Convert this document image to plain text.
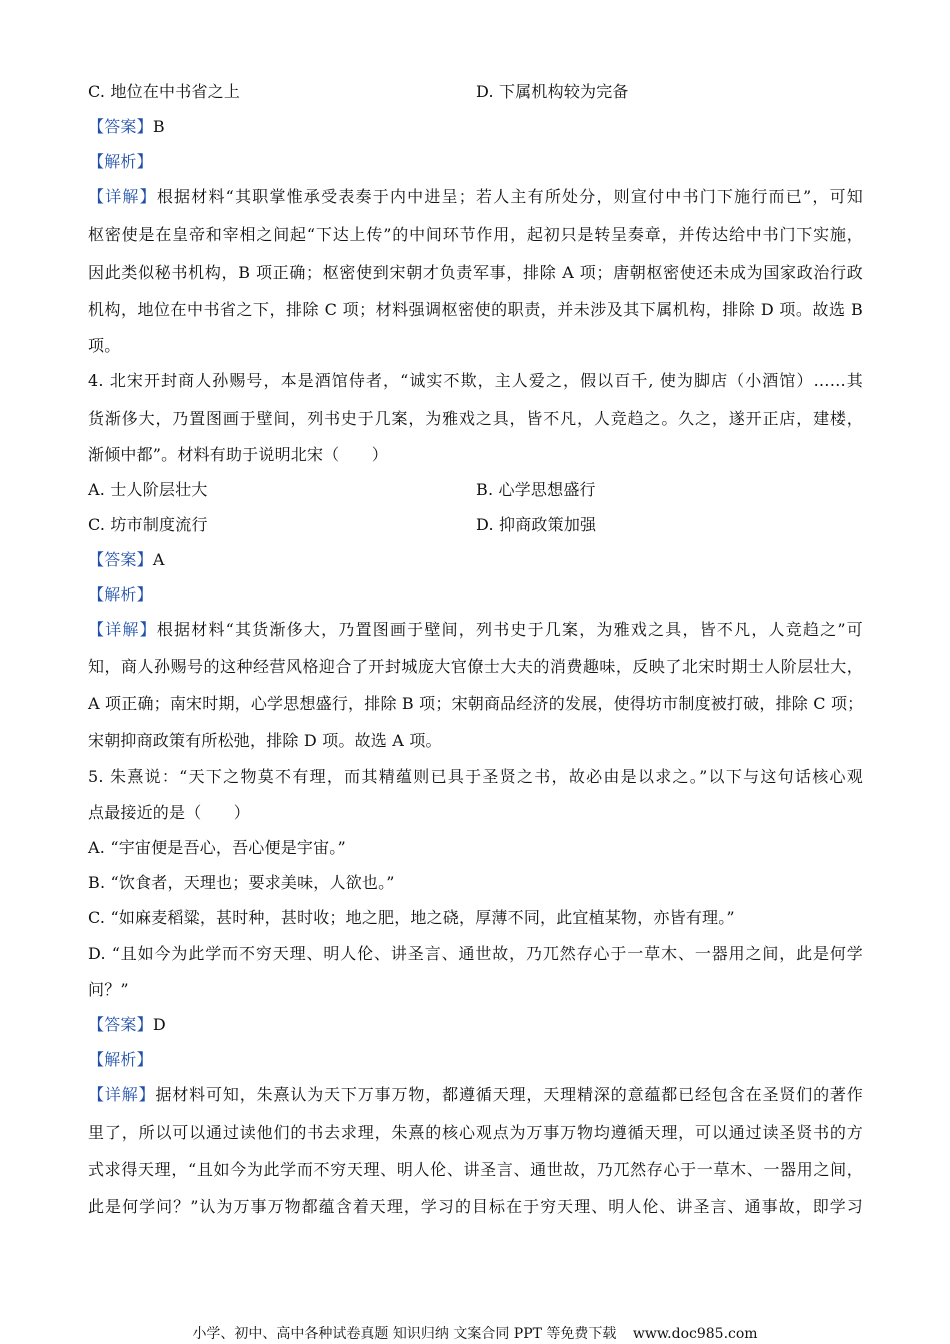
C. 地位在中书省之上	D. 下属机构较为完备
【答案】B
【解析】
【详解】根据材料“其职掌惟承受表奏于内中进呈；若人主有所处分，则宣付中书门下施行而已”，可知
枢密使是在皇帝和宰相之间起“下达上传”的中间环节作用，起初只是转呈奏章，并传达给中书门下实施，
因此类似秘书机构，B 项正确；枢密使到宋朝才负责军事，排除 A 项；唐朝枢密使还未成为国家政治行政
机构，地位在中书省之下，排除 C 项；材料强调枢密使的职责，并未涉及其下属机构，排除 D 项。故选 B
项。
4. 北宋开封商人孙赐号，本是酒馆侍者，“诚实不欺，主人爱之，假以百千, 使为脚店（小酒馆）……其
货渐侈大，乃置图画于壁间，列书史于几案，为雅戏之具，皆不凡，人竞趋之。久之，遂开正店，建楼，
渐倾中都”。材料有助于说明北宋（　　）
A. 士人阶层壮大	B. 心学思想盛行
C. 坊市制度流行	D. 抑商政策加强
【答案】A
【解析】
【详解】根据材料“其货渐侈大，乃置图画于壁间，列书史于几案，为雅戏之具，皆不凡，人竞趋之”可
知，商人孙赐号的这种经营风格迎合了开封城庞大官僚士大夫的消费趣味，反映了北宋时期士人阶层壮大，
A 项正确；南宋时期，心学思想盛行，排除 B 项；宋朝商品经济的发展，使得坊市制度被打破，排除 C 项；
宋朝抑商政策有所松弛，排除 D 项。故选 A 项。
5. 朱熹说：“天下之物莫不有理，而其精蕴则已具于圣贤之书，故必由是以求之。”以下与这句话核心观
点最接近的是（　　）
A. “宇宙便是吾心，吾心便是宇宙。”
B. “饮食者，天理也；要求美味，人欲也。”
C. “如麻麦稻粱，甚时种，甚时收；地之肥，地之硗，厚薄不同，此宜植某物，亦皆有理。”
D. “且如今为此学而不穷天理、明人伦、讲圣言、通世故，乃兀然存心于一草木、一器用之间，此是何学
问？”
【答案】D
【解析】
【详解】据材料可知，朱熹认为天下万事万物，都遵循天理，天理精深的意蕴都已经包含在圣贤们的著作
里了，所以可以通过读他们的书去求理，朱熹的核心观点为万事万物均遵循天理，可以通过读圣贤书的方
式求得天理，“且如今为此学而不穷天理、明人伦、讲圣言、通世故，乃兀然存心于一草木、一器用之间，
此是何学问？”认为万事万物都蕴含着天理，学习的目标在于穷天理、明人伦、讲圣言、通事故，即学习
小学、初中、高中各种试卷真题 知识归纳 文案合同 PPT 等免费下载 www.doc985.com
